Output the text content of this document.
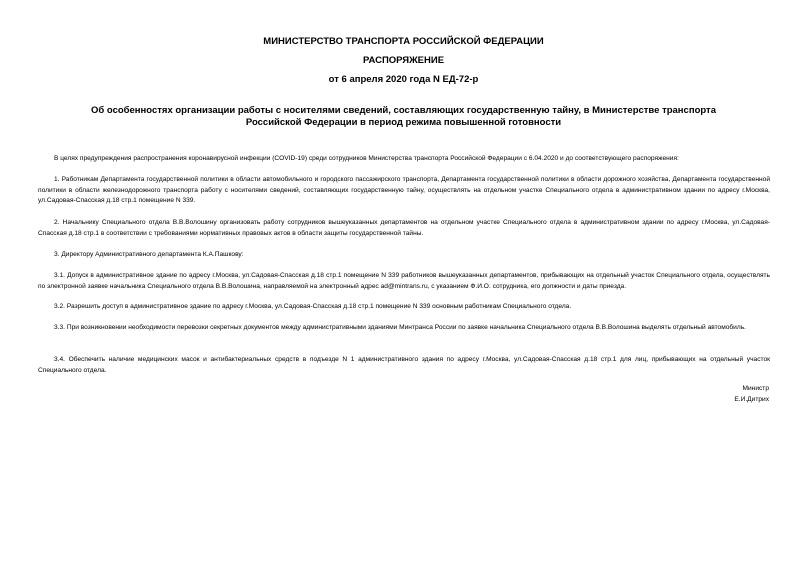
МИНИСТЕРСТВО ТРАНСПОРТА РОССИЙСКОЙ ФЕДЕРАЦИИ

РАСПОРЯЖЕНИЕ

от 6 апреля 2020 года N ЕД-72-р

Об особенностях организации работы с носителями сведений, составляющих государственную тайну, в Министерстве транспорта Российской Федерации в период режима повышенной готовности

В целях предупреждения распространения коронавирусной инфекции (COVID-19) среди сотрудников Министерства транспорта Российской Федерации с 6.04.2020 и до соответствующего распоряжения:

1. Работникам Департамента государственной политики в области автомобильного и городского пассажирского транспорта, Департамента государственной политики в области дорожного хозяйства, Департамента государственной политики в области железнодорожного транспорта работу с носителями сведений, составляющих государственную тайну, осуществлять на отдельном участке Специального отдела в административном здании по адресу г.Москва, ул.Садовая-Спасская д.18 стр.1 помещение N 339.

2. Начальнику Специального отдела В.В.Волошину организовать работу сотрудников вышеуказанных департаментов на отдельном участке Специального отдела в административном здании по адресу г.Москва, ул.Садовая-Спасская д.18 стр.1 в соответствии с требованиями нормативных правовых актов в области защиты государственной тайны.

3. Директору Административного департамента К.А.Пашкову:

3.1. Допуск в административное здание по адресу г.Москва, ул.Садовая-Спасская д.18 стр.1 помещение N 339 работников вышеуказанных департаментов, прибывающих на отдельный участок Специального отдела, осуществлять по электронной заявке начальника Специального отдела В.В.Волошина, направляемой на электронный адрес ad@mintrans.ru, с указанием Ф.И.О. сотрудника, его должности и даты приезда.

3.2. Разрешить доступ в административное здание по адресу г.Москва, ул.Садовая-Спасская д.18 стр.1 помещение N 339 основным работникам Специального отдела.

3.3. При возникновении необходимости перевозки секретных документов между административными зданиями Минтранса России по заявке начальника Специального отдела В.В.Волошина выделять отдельный автомобиль.

3.4. Обеспечить наличие медицинских масок и антибактериальных средств в подъезде N 1 административного здания по адресу г.Москва, ул.Садовая-Спасская д.18 стр.1 для лиц, прибывающих на отдельный участок Специального отдела.

Министр
Е.И.Дитрих
